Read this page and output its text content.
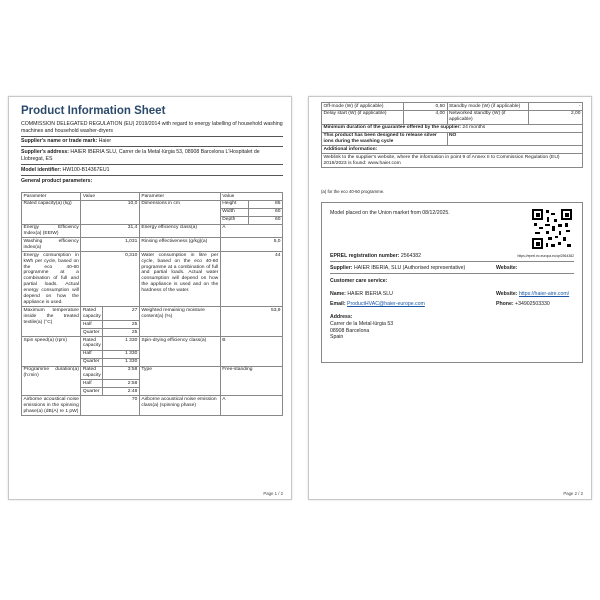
Product Information Sheet
COMMISSION DELEGATED REGULATION (EU) 2019/2014 with regard to energy labelling of household washing machines and household washer-dryers
Supplier's name or trade mark: Haier
Supplier's address: HAIER IBERIA SLU, Carrer de la Metal·lúrgia 53, 08908 Barcelona L'Hospitalet de Llobregat, ES
Model identifier: HW100-B14367EU1
General product parameters:
Parameter	Value		Parameter	Value	
Rated capacity(a) (kg)	10,0		Dimensions in cm	Height	85
				Width	60
				Depth	60
Energy Efficiency Index(a) (EEIW)	31,4		Energy efficiency class(a)	A	
Washing efficiency index(a)	1,031		Rinsing effectiveness (g/kg)(a)	5,0	
Energy consumption in kWh per cycle, based on the eco 40-60 programme at a combination of full and partial loads. Actual energy consumption will depend on how the appliance is used.	0,310		Water consumption in litre per cycle, based on the eco 40-60 programme at a combination of full and partial loads. Actual water consumption will depend on how the appliance is used and on the hardness of the water.	44	
Maximum temperature inside the treated textile(a) (°C)	Rated capacity	27	Weighted remaining moisture content(a) (%)	53,9	
	Half	25			
	Quarter	25			
Spin speed(a) (rpm)	Rated capacity	1 330	Spin-drying efficiency class(a)	B	
	Half	1 330			
	Quarter	1 330			
Programme duration(a) (h:min)	Rated capacity	3:58	Type	Free-standing	
	Half	2:58			
	Quarter	2:48			
Airborne acoustical noise emissions in the spinning phase(a) (dB(A) re 1 pW)	70		Airborne acoustical noise emission class(a) (spinning phase)	A	
Page 1 / 2
Off-mode (W) (if applicable)	0,50	Standby mode (W) (if applicable)	-
Delay start (W) (if applicable)	4,00	Networked standby (W) (if applicable)	2,00
Minimum duration of the guarantee offered by the supplier: 24 months			
This product has been designed to release silver ions during the washing cycle		NO	
Additional information:			
Weblink to the supplier's website, where the information in point 9 of Annex II to Commission Regulation (EU) 2019/2023 is found: www.haier.com			
(a) for the eco 40-60 programme.
Model placed on the Union market from 08/12/2025.
EPREL registration number: 2564382	https://eprel.ec.europa.eu/qr/2564382
Supplier: HAIER IBERIA, SLU (Authorised representative)	Website:
Customer care service:
Name: HAIER IBERIA SLU	Website: https://haier-aire.com/
Email: ProductHVAC@haier-europe.com	Phone: +34902503330
Address:
Carrer de la Metal·lúrgia 53
08908 Barcelona
Spain
Page 2 / 2
